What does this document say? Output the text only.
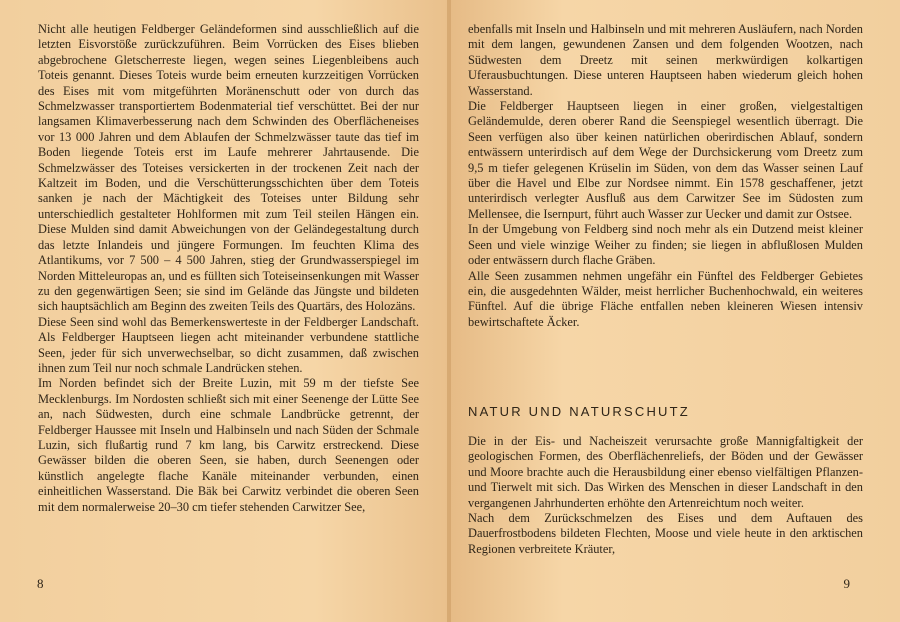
Nicht alle heutigen Feldberger Geländeformen sind ausschließlich auf die letzten Eisvorstöße zurückzuführen. Beim Vorrücken des Eises blieben abgebrochene Gletscherreste liegen, wegen seines Liegenbleibens auch Toteis genannt. Dieses Toteis wurde beim erneuten kurzzeitigen Vorrücken des Eises mit vom mitgeführten Moränenschutt oder von durch das Schmelzwasser transportiertem Bodenmaterial tief verschüttet. Bei der nur langsamen Klimaverbesserung nach dem Schwinden des Oberflächeneises vor 13 000 Jahren und dem Ablaufen der Schmelzwässer taute das tief im Boden liegende Toteis erst im Laufe mehrerer Jahrtausende. Die Schmelzwässer des Toteises versickerten in der trockenen Zeit nach der Kaltzeit im Boden, und die Verschütterungsschichten über dem Toteis sanken je nach der Mächtigkeit des Toteises unter Bildung sehr unterschiedlich gestalteter Hohlformen mit zum Teil steilen Hängen ein. Diese Mulden sind damit Abweichungen von der Geländegestaltung durch das letzte Inlandeis und jüngere Formungen. Im feuchten Klima des Atlantikums, vor 7 500 – 4 500 Jahren, stieg der Grundwasserspiegel im Norden Mitteleuropas an, und es füllten sich Toteiseinsenkungen mit Wasser zu den gegenwärtigen Seen; sie sind im Gelände das Jüngste und bildeten sich hauptsächlich am Beginn des zweiten Teils des Quartärs, des Holozäns.

Diese Seen sind wohl das Bemerkenswerteste in der Feldberger Landschaft. Als Feldberger Hauptseen liegen acht miteinander verbundene stattliche Seen, jeder für sich unverwechselbar, so dicht zusammen, daß zwischen ihnen zum Teil nur noch schmale Landrücken stehen.

Im Norden befindet sich der Breite Luzin, mit 59 m der tiefste See Mecklenburgs. Im Nordosten schließt sich mit einer Seenenge der Lütte See an, nach Südwesten, durch eine schmale Landbrücke getrennt, der Feldberger Haussee mit Inseln und Halbinseln und nach Süden der Schmale Luzin, sich flußartig rund 7 km lang, bis Carwitz erstreckend. Diese Gewässer bilden die oberen Seen, sie haben, durch Seenengen oder künstlich angelegte flache Kanäle miteinander verbunden, einen einheitlichen Wasserstand. Die Bäk bei Carwitz verbindet die oberen Seen mit dem normalerweise 20–30 cm tiefer stehenden Carwitzer See,

8

ebenfalls mit Inseln und Halbinseln und mit mehreren Ausläufern, nach Norden mit dem langen, gewundenen Zansen und dem folgenden Wootzen, nach Südwesten dem Dreetz mit seinen merkwürdigen kolkartigen Uferausbuchtungen. Diese unteren Hauptseen haben wiederum gleich hohen Wasserstand.

Die Feldberger Hauptseen liegen in einer großen, vielgestaltigen Geländemulde, deren oberer Rand die Seenspiegel wesentlich überragt. Die Seen verfügen also über keinen natürlichen oberirdischen Ablauf, sondern entwässern unterirdisch auf dem Wege der Durchsickerung vom Dreetz zum 9,5 m tiefer gelegenen Krüselin im Süden, von dem das Wasser seinen Lauf über die Havel und Elbe zur Nordsee nimmt. Ein 1578 geschaffener, jetzt unterirdisch verlegter Ausfluß aus dem Carwitzer See im Südosten zum Mellensee, die Isernpurt, führt auch Wasser zur Uecker und damit zur Ostsee.

In der Umgebung von Feldberg sind noch mehr als ein Dutzend meist kleiner Seen und viele winzige Weiher zu finden; sie liegen in abflußlosen Mulden oder entwässern durch flache Gräben.

Alle Seen zusammen nehmen ungefähr ein Fünftel des Feldberger Gebietes ein, die ausgedehnten Wälder, meist herrlicher Buchenhochwald, ein weiteres Fünftel. Auf die übrige Fläche entfallen neben kleineren Wiesen intensiv bewirtschaftete Äcker.

NATUR UND NATURSCHUTZ

Die in der Eis- und Nacheiszeit verursachte große Mannigfaltigkeit der geologischen Formen, des Oberflächenreliefs, der Böden und der Gewässer und Moore brachte auch die Herausbildung einer ebenso vielfältigen Pflanzen- und Tierwelt mit sich. Das Wirken des Menschen in dieser Landschaft in den vergangenen Jahrhunderten erhöhte den Artenreichtum noch weiter.

Nach dem Zurückschmelzen des Eises und dem Auftauen des Dauerfrostbodens bildeten Flechten, Moose und viele heute in den arktischen Regionen verbreitete Kräuter,

9
